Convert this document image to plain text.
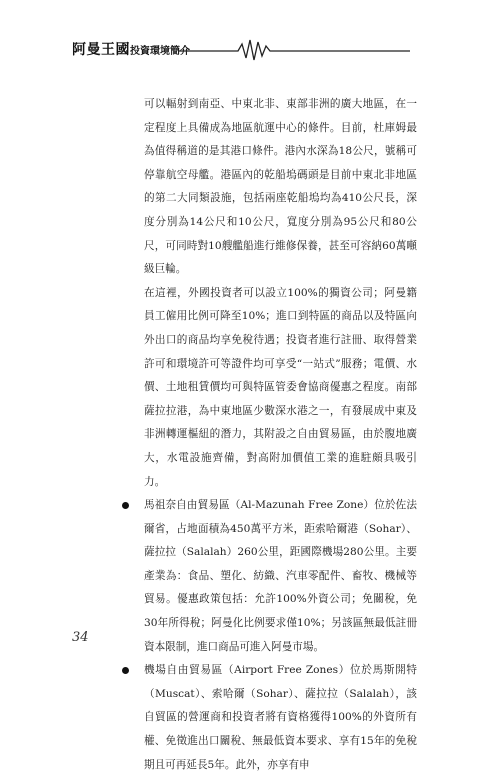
阿曼王國投資環境簡介

可以輻射到南亞、中東北非、東部非洲的廣大地區，在一定程度上具備成為地區航運中心的條件。目前，杜庫姆最為值得稱道的是其港口條件。港內水深為18公尺，號稱可停靠航空母艦。港區內的乾船塢碼頭是目前中東北非地區的第二大同類設施，包括兩座乾船塢均為410公尺長，深度分別為14公尺和10公尺，寬度分別為95公尺和80公尺，可同時對10艘艦船進行維修保養，甚至可容納60萬噸級巨輪。

在這裡，外國投資者可以設立100%的獨資公司；阿曼籍員工僱用比例可降至10%；進口到特區的商品以及特區向外出口的商品均享免稅待遇；投資者進行註冊、取得營業許可和環境許可等證件均可享受“一站式”服務；電價、水價、土地租賃價均可與特區管委會協商優惠之程度。南部薩拉拉港，為中東地區少數深水港之一，有發展成中東及非洲轉運樞紐的潛力，其附設之自由貿易區，由於腹地廣大，水電設施齊備，對高附加價值工業的進駐頗具吸引力。

馬祖奈自由貿易區（Al-Mazunah Free Zone）位於佐法爾省，占地面積為450萬平方米，距索哈爾港（Sohar）、薩拉拉（Salalah）260公里，距國際機場280公里。主要產業為：食品、塑化、紡織、汽車零配件、畜牧、機械等貿易。優惠政策包括：允許100%外資公司；免關稅，免30年所得稅；阿曼化比例要求僅10%；另該區無最低註冊資本限制，進口商品可進入阿曼市場。

機場自由貿易區（Airport Free Zones）位於馬斯開特（Muscat）、索哈爾（Sohar）、薩拉拉（Salalah），該自貿區的營運商和投資者將有資格獲得100%的外資所有權、免徵進出口關稅、無最低資本要求、享有15年的免稅期且可再延長5年。此外，亦享有申

34
